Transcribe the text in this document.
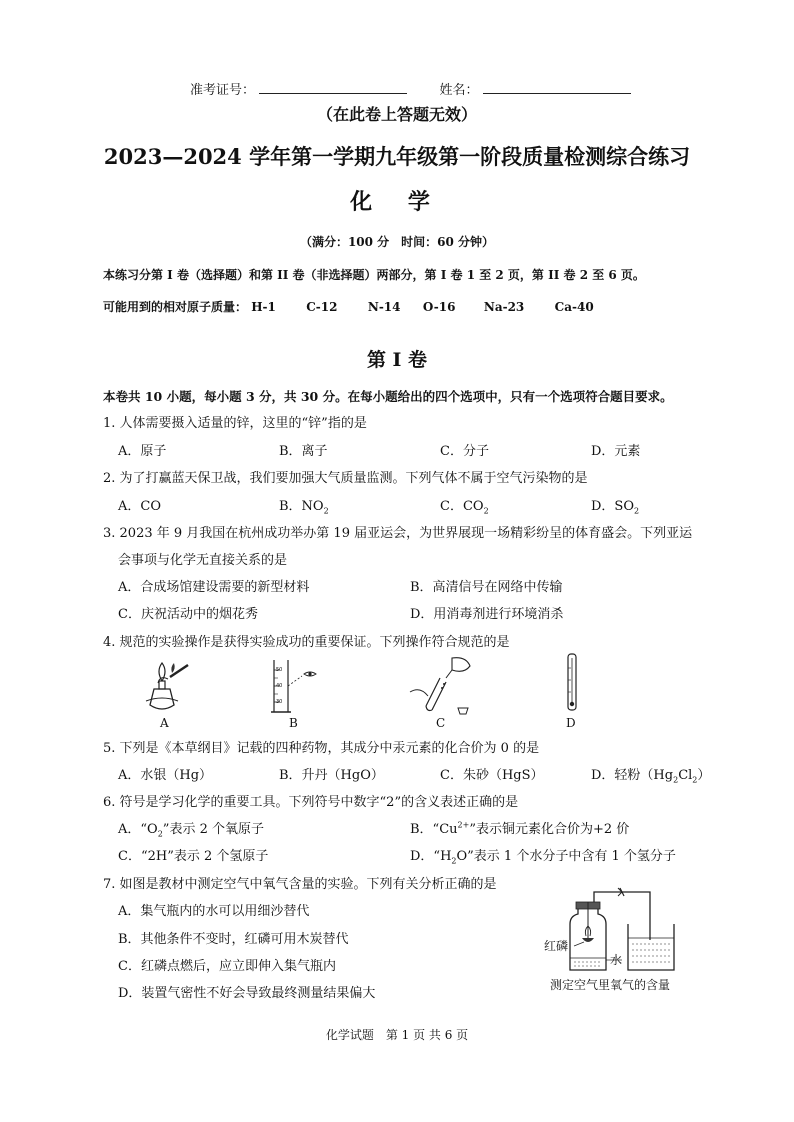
准考证号：	姓名：
（在此卷上答题无效）
2023—2024 学年第一学期九年级第一阶段质量检测综合练习
化 学
（满分：100 分　时间：60 分钟）
本练习分第 I 卷（选择题）和第 II 卷（非选择题）两部分，第 I 卷 1 至 2 页，第 II 卷 2 至 6 页。
可能用到的相对原子质量： H-1	C-12	N-14 O-16 Na-23	Ca-40
第 I 卷
本卷共 10 小题，每小题 3 分，共 30 分。在每小题给出的四个选项中，只有一个选项符合题目要求。
1. 人体需要摄入适量的锌，这里的“锌”指的是
A．原子	B．离子	C．分子	D．元素
2. 为了打赢蓝天保卫战，我们要加强大气质量监测。下列气体不属于空气污染物的是
A．CO	B．$NO_2$	C．$CO_2$	D．$SO_2$
3. 2023 年 9 月我国在杭州成功举办第 19 届亚运会，为世界展现一场精彩纷呈的体育盛会。下列亚运
会事项与化学无直接关系的是
A．合成场馆建设需要的新型材料	B．高清信号在网络中传输
C．庆祝活动中的烟花秀	D．用消毒剂进行环境消杀
4. 规范的实验操作是获得实验成功的重要保证。下列操作符合规范的是
A
50
40
30
B	C	D
5. 下列是《本草纲目》记载的四种药物，其成分中汞元素的化合价为 0 的是
A．水银（Hg）	B．升丹（HgO）	C．朱砂（HgS）	D．轻粉$(Hg_2Cl_2)$
6. 符号是学习化学的重要工具。下列符号中数字“2”的含义表述正确的是
A．“$O_2$”表示 2 个氧原子	B．“$Cu^{2+}$”表示铜元素化合价为+2 价
C．“2H”表示 2 个氢原子	D．“$H_2O$”表示 1 个水分子中含有 1 个氢分子
7. 如图是教材中测定空气中氧气含量的实验。下列有关分析正确的是
A．集气瓶内的水可以用细沙替代
B．其他条件不变时，红磷可用木炭替代
C．红磷点燃后，应立即伸入集气瓶内
D．装置气密性不好会导致最终测量结果偏大
红磷
水
测定空气里氧气的含量
化学试题　第 1 页 共 6 页
